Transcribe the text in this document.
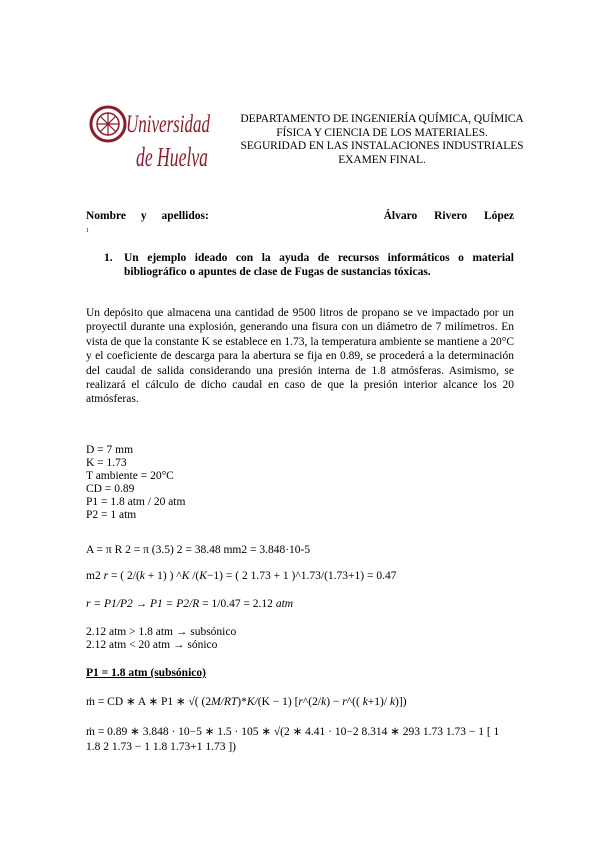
Universidad
de Huelva
DEPARTAMENTO DE INGENIERÍA QUÍMICA, QUÍMICA
FÍSICA Y CIENCIA DE LOS MATERIALES.
SEGURIDAD EN LAS INSTALACIONES INDUSTRIALES
EXAMEN FINAL.
Nombre y apellidos:	Álvaro Rivero López
1
1. Un ejemplo ideado con la ayuda de recursos informáticos o material bibliográfico o apuntes de clase de Fugas de sustancias tóxicas.
Un depósito que almacena una cantidad de 9500 litros de propano se ve impactado por un proyectil durante una explosión, generando una fisura con un diámetro de 7 milímetros. En vista de que la constante K se establece en 1.73, la temperatura ambiente se mantiene a 20°C y el coeficiente de descarga para la abertura se fija en 0.89, se procederá a la determinación del caudal de salida considerando una presión interna de 1.8 atmósferas. Asimismo, se realizará el cálculo de dicho caudal en caso de que la presión interior alcance los 20 atmósferas.
D = 7 mm
K = 1.73
T ambiente = 20°C
CD = 0.89
P1 = 1.8 atm / 20 atm
P2 = 1 atm
A = π R 2 = π (3.5) 2 = 38.48 mm2 = 3.848·10-5
m2 r = ( 2/(k + 1) ) ^K /(K−1) = ( 2 1.73 + 1 )^1.73/(1.73+1) = 0.47
r = P1/P2 → P1 = P2/R = 1/0.47 = 2.12 atm
2.12 atm > 1.8 atm → subsónico
2.12 atm < 20 atm → sónico
P1 = 1.8 atm (subsónico)
ṁ = CD ∗ A ∗ P1 ∗ √( (2M/RT)*K/(K − 1) [r^(2/k) − r^(( k+1)/ k)])
ṁ = 0.89 ∗ 3.848 · 10−5 ∗ 1.5 · 105 ∗ √(2 ∗ 4.41 · 10−2 8.314 ∗ 293 1.73 1.73 − 1 [ 1 1.8 2 1.73 − 1 1.8 1.73+1 1.73 ])
